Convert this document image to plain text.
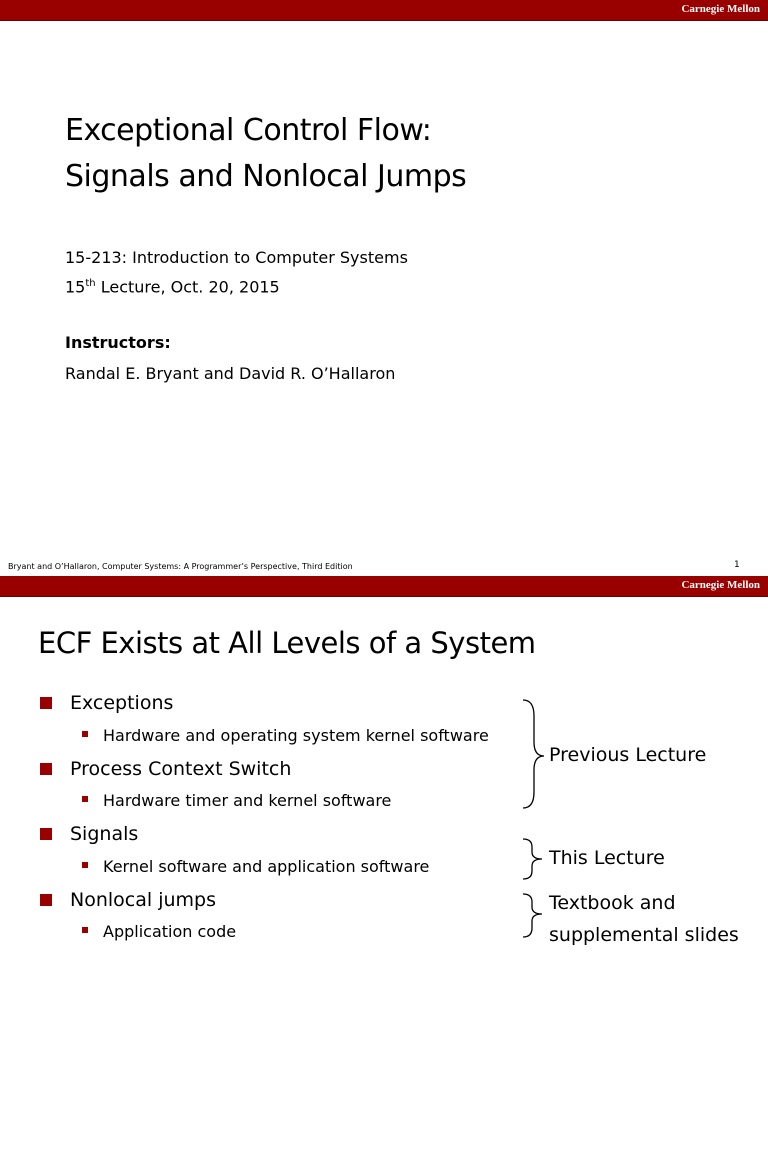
Carnegie Mellon
Exceptional Control Flow:
Signals and Nonlocal Jumps
15-213: Introduction to Computer Systems
15th Lecture, Oct. 20, 2015
Instructors:
Randal E. Bryant and David R. O’Hallaron
Bryant and O’Hallaron, Computer Systems: A Programmer’s Perspective, Third Edition	1
Carnegie Mellon
ECF Exists at All Levels of a System
Exceptions
Hardware and operating system kernel software
Process Context Switch
Hardware timer and kernel software
Signals
Kernel software and application software
Nonlocal jumps
Application code
Previous Lecture
This Lecture
Textbook and
supplemental slides
